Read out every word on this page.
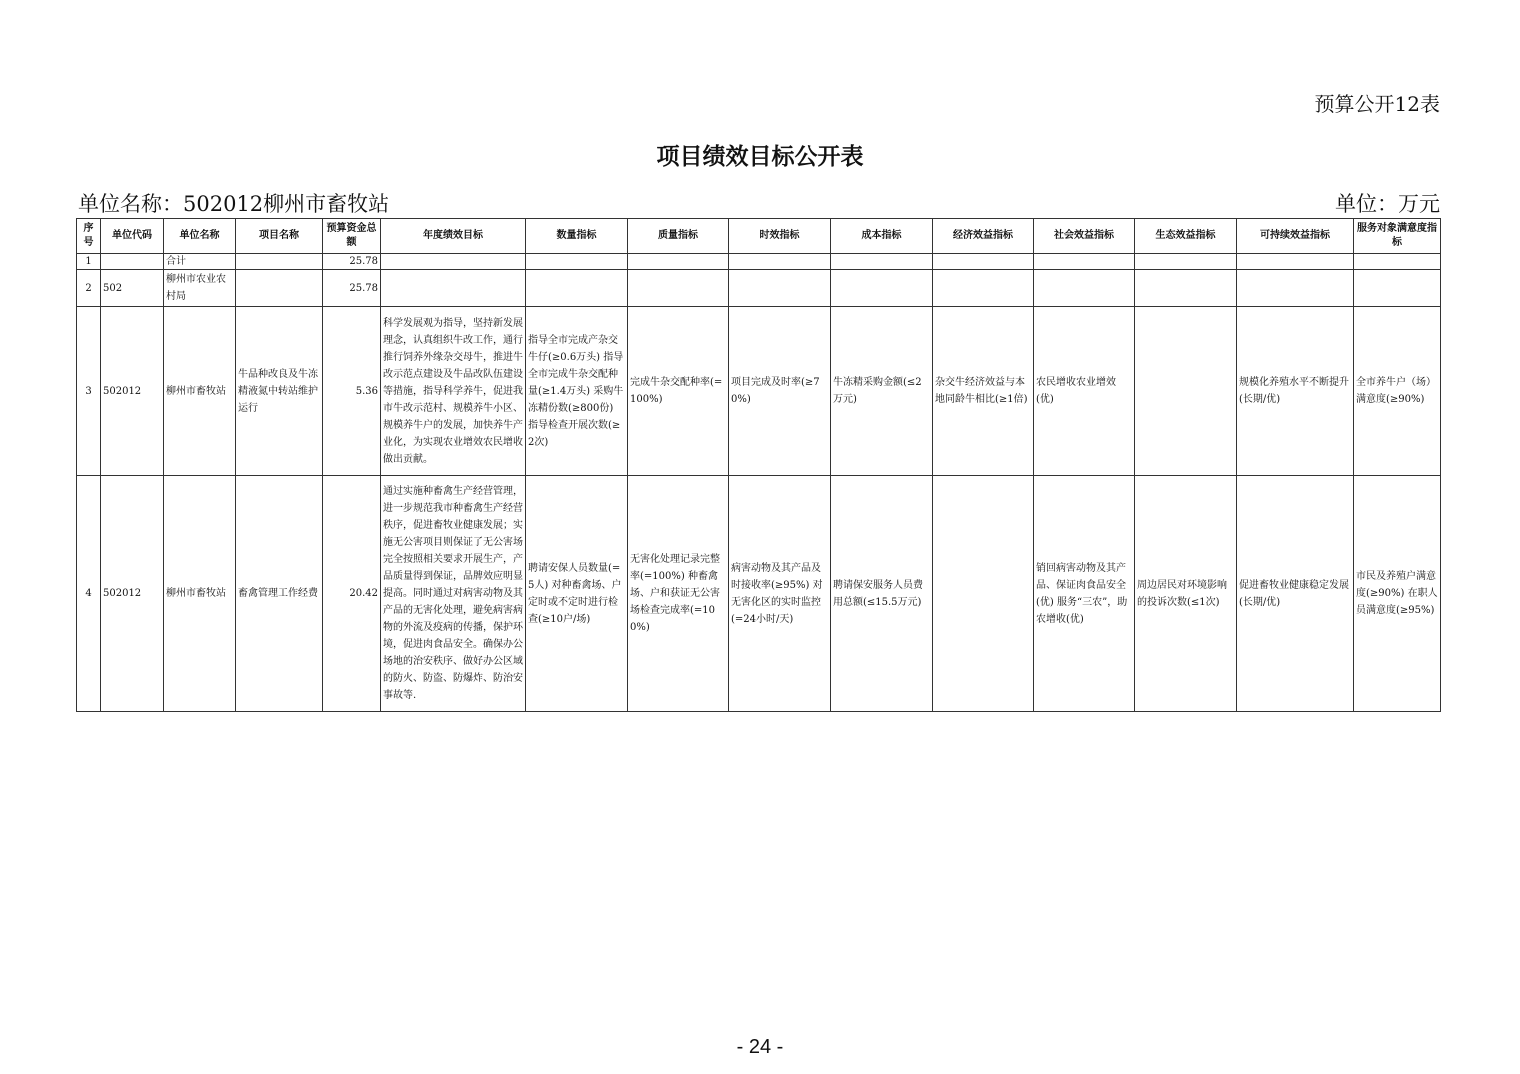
预算公开12表
项目绩效目标公开表
单位名称：502012柳州市畜牧站	单位：万元
序号	单位代码	单位名称	项目名称	预算资金总额	年度绩效目标	数量指标	质量指标	时效指标	成本指标	经济效益指标	社会效益指标	生态效益指标	可持续效益指标	服务对象满意度指标
1		合计		25.78										
2	502	柳州市农业农村局		25.78										
3	502012	柳州市畜牧站	牛品种改良及牛冻精液氮中转站维护运行	5.36	科学发展观为指导，坚持新发展理念，认真组织牛改工作，通行推行饲养外缘杂交母牛，推进牛改示范点建设及牛品改队伍建设等措施，指导科学养牛，促进我市牛改示范村、规模养牛小区、规模养牛户的发展，加快养牛产业化，为实现农业增效农民增收做出贡献。	指导全市完成产杂交牛仔(≥0.6万头) 指导全市完成牛杂交配种量(≥1.4万头) 采购牛冻精份数(≥800份) 指导检查开展次数(≥2次)	完成牛杂交配种率(=100%)	项目完成及时率(≥70%)	牛冻精采购金额(≤2万元)	杂交牛经济效益与本地同龄牛相比(≥1倍)	农民增收农业增效(优)		规模化养殖水平不断提升(长期/优)	全市养牛户（场）满意度(≥90%)
4	502012	柳州市畜牧站	畜禽管理工作经费	20.42	通过实施种畜禽生产经营管理，进一步规范我市种畜禽生产经营秩序，促进畜牧业健康发展；实施无公害项目则保证了无公害场完全按照相关要求开展生产，产品质量得到保证，品牌效应明显提高。同时通过对病害动物及其产品的无害化处理，避免病害病物的外流及疫病的传播，保护环境，促进肉食品安全。确保办公场地的治安秩序、做好办公区域的防火、防盗、防爆炸、防治安事故等.	聘请安保人员数量(=5人) 对种畜禽场、户定时或不定时进行检查(≥10户/场)	无害化处理记录完整率(=100%) 种畜禽场、户和获证无公害场检查完成率(=100%)	病害动物及其产品及时接收率(≥95%) 对无害化区的实时监控(=24小时/天)	聘请保安服务人员费用总额(≤15.5万元)		销回病害动物及其产品、保证肉食品安全(优) 服务“三农”，助农增收(优)	周边居民对环境影响的投诉次数(≤1次)	促进畜牧业健康稳定发展(长期/优)	市民及养殖户满意度(≥90%) 在职人员满意度(≥95%)
- 24 -
